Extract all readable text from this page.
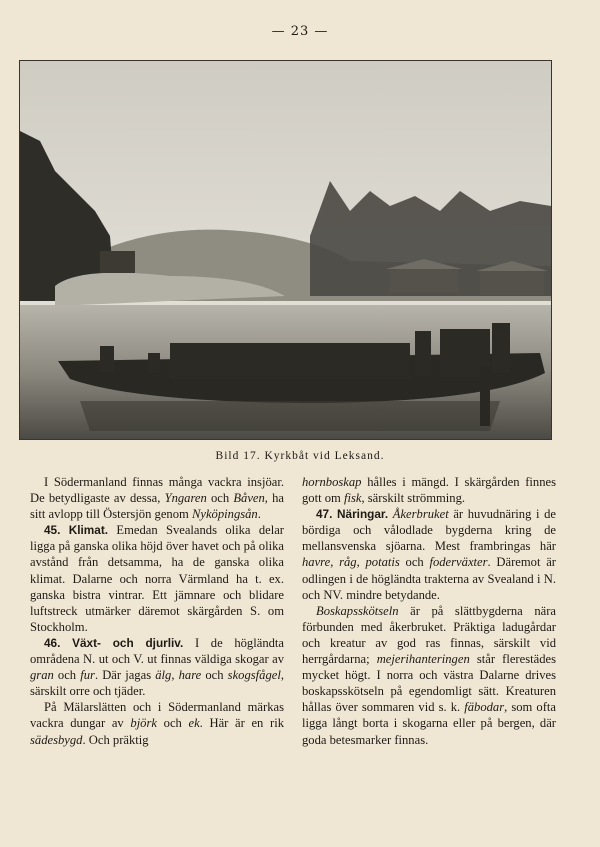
— 23 —
Bild 17. Kyrkbåt vid Leksand.

I Södermanland finnas många vackra insjöar. De betydligaste av dessa, Yngaren och Båven, ha sitt avlopp till Östersjön genom Nyköpingsån.

45. Klimat. Emedan Svealands olika delar ligga på ganska olika höjd över havet och på olika avstånd från detsamma, ha de ganska olika klimat. Dalarne och norra Värmland ha t. ex. ganska bistra vintrar. Ett jämnare och blidare luftstreck utmärker däremot skärgården S. om Stockholm.

46. Växt- och djurliv. I de högländta områdena N. ut och V. ut finnas väldiga skogar av gran och fur. Där jagas älg, hare och skogsfågel, särskilt orre och tjäder.

På Mälarslätten och i Södermanland märkas vackra dungar av björk och ek. Här är en rik sädesbygd. Och präktig

hornboskap hålles i mängd. I skärgården finnes gott om fisk, särskilt strömming.

47. Näringar. Åkerbruket är huvudnäring i de bördiga och vålodlade bygderna kring de mellansvenska sjöarna. Mest frambringas här havre, råg, potatis och foderväxter. Däremot är odlingen i de högländta trakterna av Svealand i N. och NV. mindre betydande.

Boskapsskötseln är på slättbygderna nära förbunden med åkerbruket. Präktiga ladugårdar och kreatur av god ras finnas, särskilt vid herrgårdarna; mejerihanteringen står flerestädes mycket högt. I norra och västra Dalarne drives boskapsskötseln på egendomligt sätt. Kreaturen hållas över sommaren vid s. k. fäbodar, som ofta ligga långt borta i skogarna eller på bergen, där goda betesmarker finnas.
